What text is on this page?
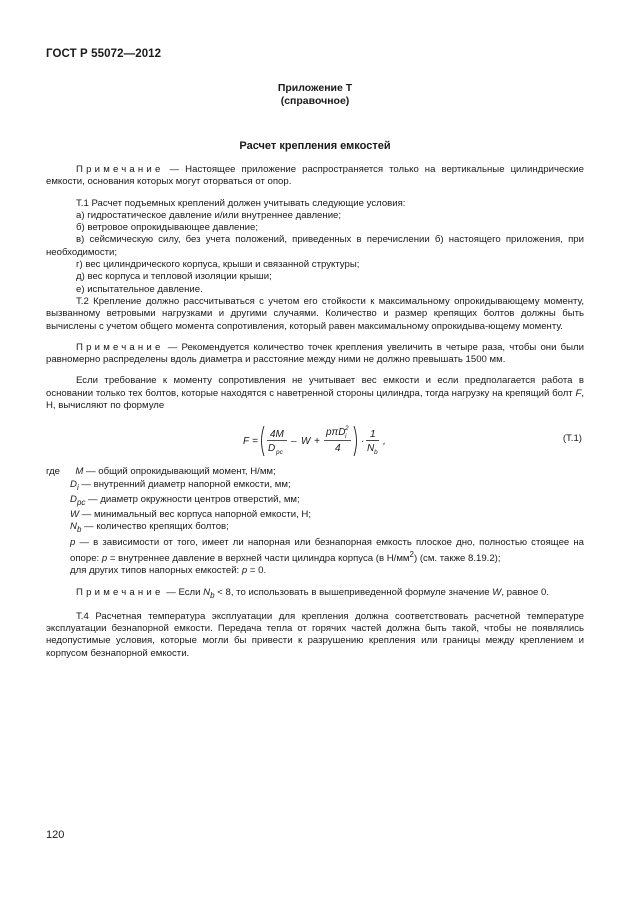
ГОСТ Р 55072—2012
Приложение Т
(справочное)
Расчет крепления емкостей

Примечание — Настоящее приложение распространяется только на вертикальные цилиндрические емкости, основания которых могут оторваться от опор.

Т.1 Расчет подъемных креплений должен учитывать следующие условия:

а) гидростатическое давление и/или внутреннее давление;

б) ветровое опрокидывающее давление;

в) сейсмическую силу, без учета положений, приведенных в перечислении б) настоящего приложения, при необходимости;

г) вес цилиндрического корпуса, крыши и связанной структуры;

д) вес корпуса и тепловой изоляции крыши;

е) испытательное давление.

Т.2 Крепление должно рассчитываться с учетом его стойкости к максимальному опрокидывающему моменту, вызванному ветровыми нагрузками и другими случаями. Количество и размер крепящих болтов должны быть вычислены с учетом общего момента сопротивления, который равен максимальному опрокидыва-ющему моменту.

Примечание — Рекомендуется количество точек крепления увеличить в четыре раза, чтобы они были равномерно распределены вдоль диаметра и расстояние между ними не должно превышать 1500 мм.

Если требование к моменту сопротивления не учитывает вес емкости и если предполагается работа в основании только тех болтов, которые находятся с наветренной стороны цилиндра, тогда нагрузку на крепящий болт F, Н, вычисляют по формуле

F =
4M
D pc
– W +
pπD i
2
4
·
1
N b
,	(Т.1)
где	M — общий опрокидывающий момент, Н/мм;

$D_i$ — внутренний диаметр напорной емкости, мм;

$D_{pc}$ — диаметр окружности центров отверстий, мм;

W — минимальный вес корпуса напорной емкости, Н;

$N_b$ — количество крепящих болтов;

p — в зависимости от того, имеет ли напорная или безнапорная емкость плоское дно, полностью стоящее на опоре: p = внутреннее давление в верхней части цилиндра корпуса (в $Н/мм^2$) (см. также 8.19.2);

для других типов напорных емкостей: p = 0.

Примечание — Если $N_b < 8$, то использовать в вышеприведенной формуле значение W, равное 0.

Т.4 Расчетная температура эксплуатации для крепления должна соответствовать расчетной температуре эксплуатации безнапорной емкости. Передача тепла от горячих частей должна быть такой, чтобы не появлялись недопустимые условия, которые могли бы привести к разрушению крепления или границы между креплением и корпусом безнапорной емкости.

120
